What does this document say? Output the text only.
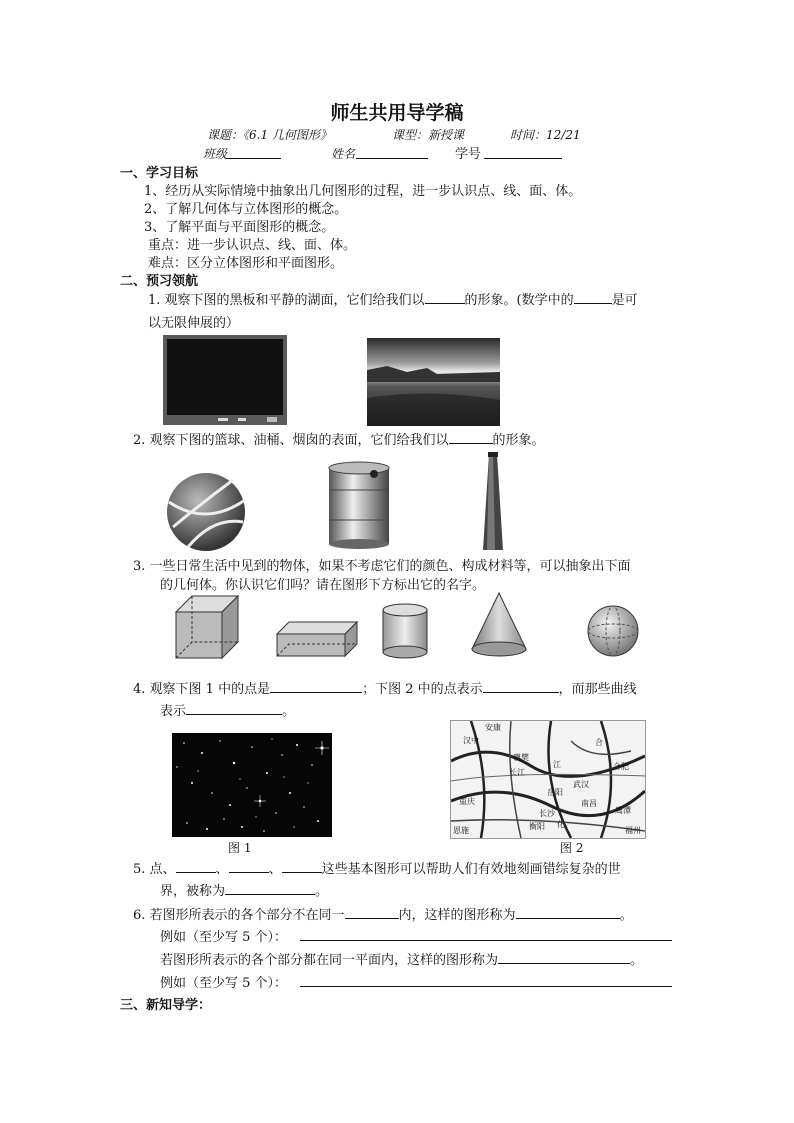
师生共用导学稿
课题：《6.1 几何图形》	课型：新授课	时间：12/21
班级	姓名	学号
一、学习目标
1、经历从实际情境中抽象出几何图形的过程，进一步认识点、线、面、体。
2、了解几何体与立体图形的概念。
3、了解平面与平面图形的概念。
重点：进一步认识点、线、面、体。
难点：区分立体图形和平面图形。
二、预习领航
1. 观察下图的黑板和平静的湖面，它们给我们以	的形象。(数学中的	是可
以无限伸展的）
2. 观察下图的篮球、油桶、烟囱的表面，它们给我们以	的形象。
3. 一些日常生活中见到的物体，如果不考虑它们的颜色、构成材料等，可以抽象出下面
的几何体。你认识它们吗？请在图形下方标出它的名字。
4. 观察下图 1 中的点是	；下图 2 中的点表示	，而那些曲线
表示	。
图 1
安康
襄樊
武汉
长江
岳阳
长沙
南昌
福州
合肥
重庆
汉中
化
衡阳
鹰潭
恩施
江
合
图 2
5. 点、	、	、	这些基本图形可以帮助人们有效地刻画错综复杂的世
界，被称为	。
6. 若图形所表示的各个部分不在同一	内，这样的图形称为	。
例如（至少写 5 个）：
若图形所表示的各个部分都在同一平面内，这样的图形称为	。
例如（至少写 5 个）：
三、新知导学：
